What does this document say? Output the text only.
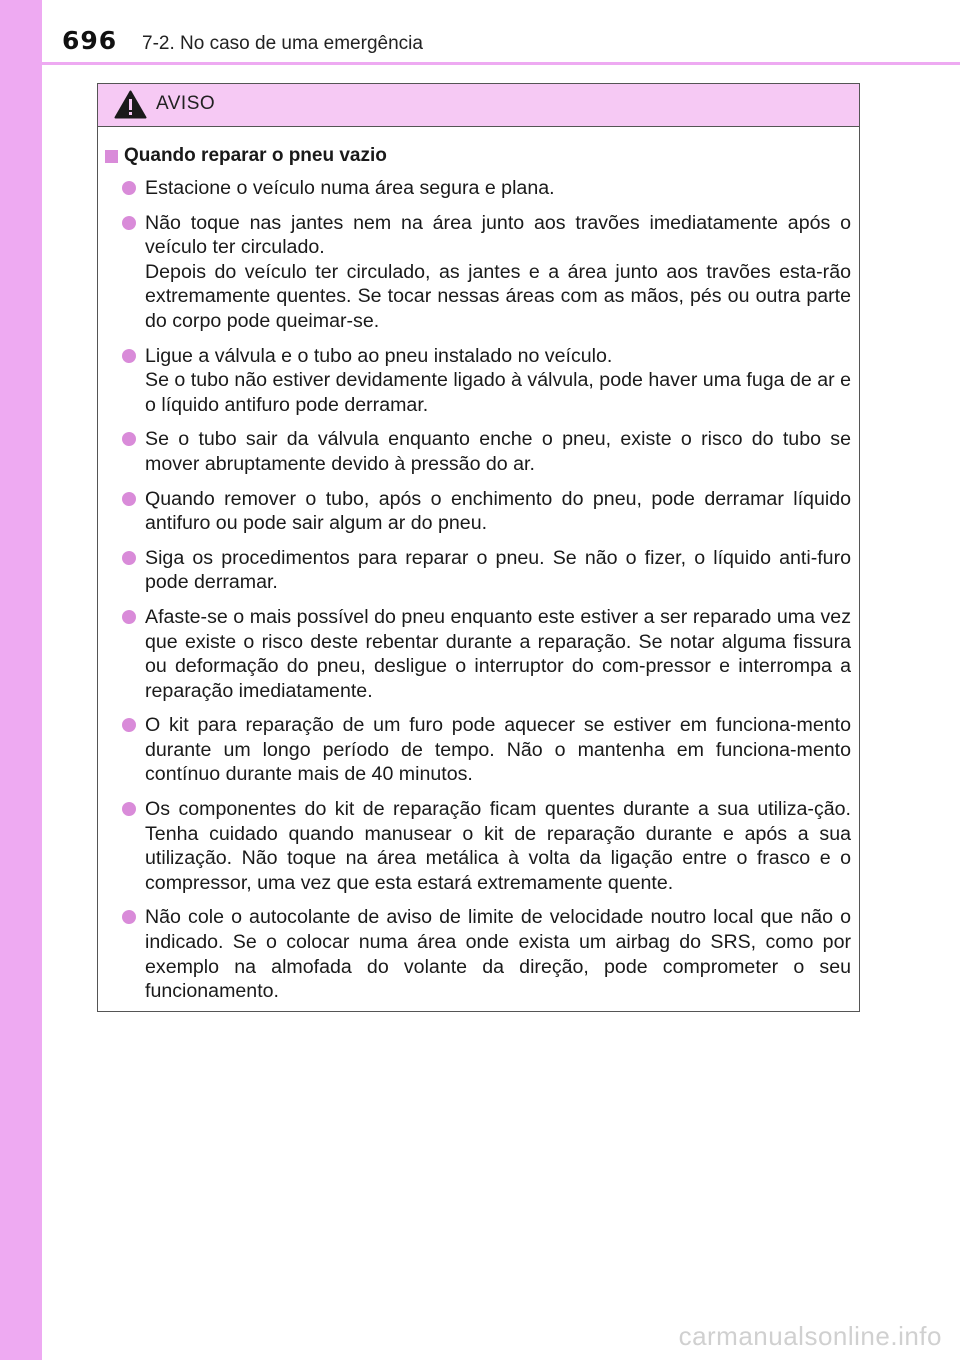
696 7-2. No caso de uma emergência
AVISO
Quando reparar o pneu vazio

Estacione o veículo numa área segura e plana.

Não toque nas jantes nem na área junto aos travões imediatamente após o veículo ter circulado.

Depois do veículo ter circulado, as jantes e a área junto aos travões esta-rão extremamente quentes. Se tocar nessas áreas com as mãos, pés ou outra parte do corpo pode queimar-se.

Ligue a válvula e o tubo ao pneu instalado no veículo.

Se o tubo não estiver devidamente ligado à válvula, pode haver uma fuga de ar e o líquido antifuro pode derramar.

Se o tubo sair da válvula enquanto enche o pneu, existe o risco do tubo se mover abruptamente devido à pressão do ar.

Quando remover o tubo, após o enchimento do pneu, pode derramar líquido antifuro ou pode sair algum ar do pneu.

Siga os procedimentos para reparar o pneu. Se não o fizer, o líquido anti-furo pode derramar.

Afaste-se o mais possível do pneu enquanto este estiver a ser reparado uma vez que existe o risco deste rebentar durante a reparação. Se notar alguma fissura ou deformação do pneu, desligue o interruptor do com-pressor e interrompa a reparação imediatamente.

O kit para reparação de um furo pode aquecer se estiver em funciona-mento durante um longo período de tempo. Não o mantenha em funciona-mento contínuo durante mais de 40 minutos.

Os componentes do kit de reparação ficam quentes durante a sua utiliza-ção. Tenha cuidado quando manusear o kit de reparação durante e após a sua utilização. Não toque na área metálica à volta da ligação entre o frasco e o compressor, uma vez que esta estará extremamente quente.

Não cole o autocolante de aviso de limite de velocidade noutro local que não o indicado. Se o colocar numa área onde exista um airbag do SRS, como por exemplo na almofada do volante da direção, pode comprometer o seu funcionamento.

carmanualsonline.info
